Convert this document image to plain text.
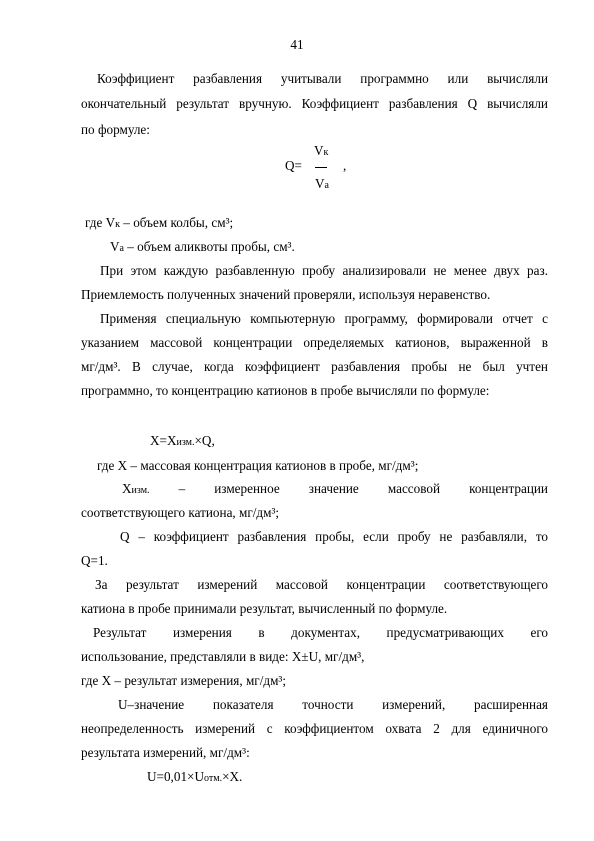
41
Коэффициент разбавления учитывали программно или вычисляли
окончательный результат вручную. Коэффициент разбавления Q вычисляли
по формуле:
Q=
Vк
Vа
,
где Vк – объем колбы, см³;
Vа – объем аликвоты пробы, см³.
При этом каждую разбавленную пробу анализировали не менее двух раз.
Приемлемость полученных значений проверяли, используя неравенство.
Применяя специальную компьютерную программу, формировали отчет с
указанием массовой концентрации определяемых катионов, выраженной в
мг/дм³. В случае, когда коэффициент разбавления пробы не был учтен
программно, то концентрацию катионов в пробе вычисляли по формуле:
X=Xизм.×Q,
где X – массовая концентрация катионов в пробе, мг/дм³;
Xизм. – измеренное значение массовой концентрации
соответствующего катиона, мг/дм³;
Q – коэффициент разбавления пробы, если пробу не разбавляли, то
Q=1.
За результат измерений массовой концентрации соответствующего
катиона в пробе принимали результат, вычисленный по формуле.
Результат измерения в документах, предусматривающих его
использование, представляли в виде: X±U, мг/дм³,
где X – результат измерения, мг/дм³;
U–значение показателя точности измерений, расширенная
неопределенность измерений с коэффициентом охвата 2 для единичного
результата измерений, мг/дм³:
U=0,01×Uотм.×X.
